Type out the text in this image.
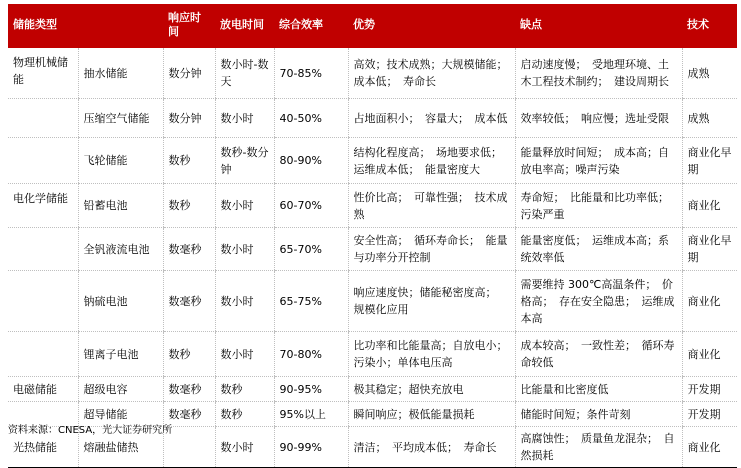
储能类型		响应时间	放电时间	综合效率	优势	缺点	技术
物理机械储能	抽水储能	数分钟	数小时-数天	70-85%	高效；技术成熟；大规模储能；成本低；　寿命长	启动速度慢；　受地理环境、土木工程技术制约；　建设周期长	成熟
	压缩空气储能	数分钟	数小时	40-50%	占地面积小；　容量大；　成本低	效率较低；　响应慢；选址受限	成熟
	飞轮储能	数秒	数秒-数分钟	80-90%	结构化程度高；　场地要求低；运维成本低；　能量密度大	能量释放时间短；　成本高；自放电率高；噪声污染	商业化早期
电化学储能	铅蓄电池	数秒	数小时	60-70%	性价比高；　可靠性强；　技术成熟	寿命短；　比能量和比功率低；污染严重	商业化
	全钒液流电池	数毫秒	数小时	65-70%	安全性高；　循环寿命长；　能量与功率分开控制	能量密度低；　运维成本高；系统效率低	商业化早期
	钠硫电池	数毫秒	数小时	65-75%	响应速度快；储能秘密度高；　规模化应用	需要维持 300℃高温条件；　价格高；　存在安全隐患；　运维成本高	商业化
	锂离子电池	数秒	数小时	70-80%	比功率和比能量高；自放电小；污染小；单体电压高	成本较高；　一致性差；　循环寿命较低	商业化
电磁储能	超级电容	数毫秒	数秒	90-95%	极其稳定；超快充放电	比能量和比密度低	开发期
	超导储能	数毫秒	数秒	95%以上	瞬间响应；极低能量损耗	储能时间短；条件苛刻	开发期
光热储能	熔融盐储热		数小时	90-99%	清洁；　平均成本低；　寿命长	高腐蚀性；　质量鱼龙混杂；　自然损耗	商业化
资料来源：CNESA，光大证券研究所
